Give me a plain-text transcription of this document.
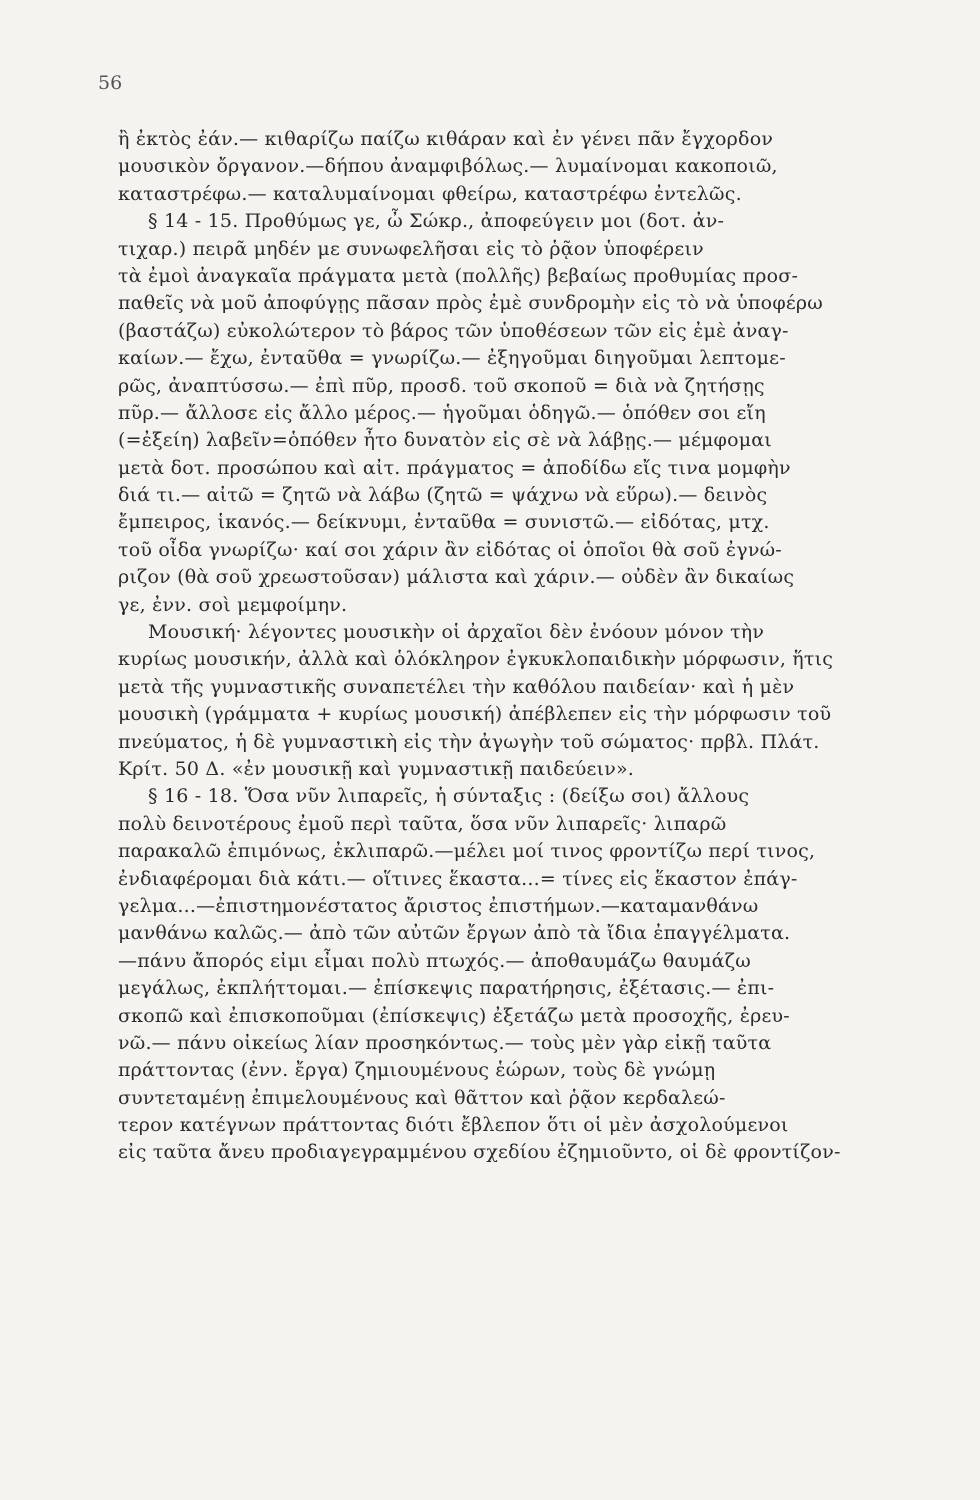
56
ἢ ἐκτὸς ἐάν.— κιθαρίζω παίζω κιθάραν καὶ ἐν γένει πᾶν ἔγχορδον
μουσικὸν ὄργανον.—δήπου ἀναμφιβόλως.— λυμαίνομαι κακοποιῶ,
καταστρέφω.— καταλυμαίνομαι φθείρω, καταστρέφω ἐντελῶς.
§ 14 - 15. Προθύμως γε, ὦ Σώκρ., ἀποφεύγειν μοι (δοτ. ἀν-
τιχαρ.) πειρᾶ μηδέν με συνωφελῆσαι εἰς τὸ ῥᾷον ὑποφέρειν
τὰ ἐμοὶ ἀναγκαῖα πράγματα μετὰ (πολλῆς) βεβαίως προθυμίας προσ-
παθεῖς νὰ μοῦ ἀποφύγῃς πᾶσαν πρὸς ἐμὲ συνδρομὴν εἰς τὸ νὰ ὑποφέρω
(βαστάζω) εὐκολώτερον τὸ βάρος τῶν ὑποθέσεων τῶν εἰς ἐμὲ ἀναγ-
καίων.— ἔχω, ἐνταῦθα = γνωρίζω.— ἐξηγοῦμαι διηγοῦμαι λεπτομε-
ρῶς, ἀναπτύσσω.— ἐπὶ πῦρ, προσδ. τοῦ σκοποῦ = διὰ νὰ ζητήσῃς
πῦρ.— ἄλλοσε εἰς ἄλλο μέρος.— ἡγοῦμαι ὁδηγῶ.— ὁπόθεν σοι εἴη
(=ἐξείη) λαβεῖν=ὁπόθεν ἦτο δυνατὸν εἰς σὲ νὰ λάβῃς.— μέμφομαι
μετὰ δοτ. προσώπου καὶ αἰτ. πράγματος = ἀποδίδω εἴς τινα μομφὴν
διά τι.— αἰτῶ = ζητῶ νὰ λάβω (ζητῶ = ψάχνω νὰ εὕρω).— δεινὸς
ἔμπειρος, ἱκανός.— δείκνυμι, ἐνταῦθα = συνιστῶ.— εἰδότας, μτχ.
τοῦ οἶδα γνωρίζω· καί σοι χάριν ἂν εἰδότας οἱ ὁποῖοι θὰ σοῦ ἐγνώ-
ριζον (θὰ σοῦ χρεωστοῦσαν) μάλιστα καὶ χάριν.— οὐδὲν ἂν δικαίως
γε, ἐνν. σοὶ μεμφοίμην.
Μουσική· λέγοντες μουσικὴν οἱ ἀρχαῖοι δὲν ἐνόουν μόνον τὴν
κυρίως μουσικήν, ἀλλὰ καὶ ὁλόκληρον ἐγκυκλοπαιδικὴν μόρφωσιν, ἥτις
μετὰ τῆς γυμναστικῆς συναπετέλει τὴν καθόλου παιδείαν· καὶ ἡ μὲν
μουσικὴ (γράμματα + κυρίως μουσική) ἀπέβλεπεν εἰς τὴν μόρφωσιν τοῦ
πνεύματος, ἡ δὲ γυμναστικὴ εἰς τὴν ἀγωγὴν τοῦ σώματος· πρβλ. Πλάτ.
Κρίτ. 50 Δ. «ἐν μουσικῇ καὶ γυμναστικῇ παιδεύειν».
§ 16 - 18. Ὅσα νῦν λιπαρεῖς, ἡ σύνταξις : (δείξω σοι) ἄλλους
πολὺ δεινοτέρους ἐμοῦ περὶ ταῦτα, ὅσα νῦν λιπαρεῖς· λιπαρῶ
παρακαλῶ ἐπιμόνως, ἐκλιπαρῶ.—μέλει μοί τινος φροντίζω περί τινος,
ἐνδιαφέρομαι διὰ κάτι.— οἵτινες ἕκαστα...= τίνες εἰς ἕκαστον ἐπάγ-
γελμα...—ἐπιστημονέστατος ἄριστος ἐπιστήμων.—καταμανθάνω
μανθάνω καλῶς.— ἀπὸ τῶν αὐτῶν ἔργων ἀπὸ τὰ ἴδια ἐπαγγέλματα.
—πάνυ ἄπορός εἰμι εἶμαι πολὺ πτωχός.— ἀποθαυμάζω θαυμάζω
μεγάλως, ἐκπλήττομαι.— ἐπίσκεψις παρατήρησις, ἐξέτασις.— ἐπι-
σκοπῶ καὶ ἐπισκοποῦμαι (ἐπίσκεψις) ἐξετάζω μετὰ προσοχῆς, ἐρευ-
νῶ.— πάνυ οἰκείως λίαν προσηκόντως.— τοὺς μὲν γὰρ εἰκῇ ταῦτα
πράττοντας (ἐνν. ἔργα) ζημιουμένους ἑώρων, τοὺς δὲ γνώμῃ
συντεταμένῃ ἐπιμελουμένους καὶ θᾶττον καὶ ῥᾷον κερδαλεώ-
τερον κατέγνων πράττοντας διότι ἔβλεπον ὅτι οἱ μὲν ἀσχολούμενοι
εἰς ταῦτα ἄνευ προδιαγεγραμμένου σχεδίου ἐζημιοῦντο, οἱ δὲ φροντίζον-
